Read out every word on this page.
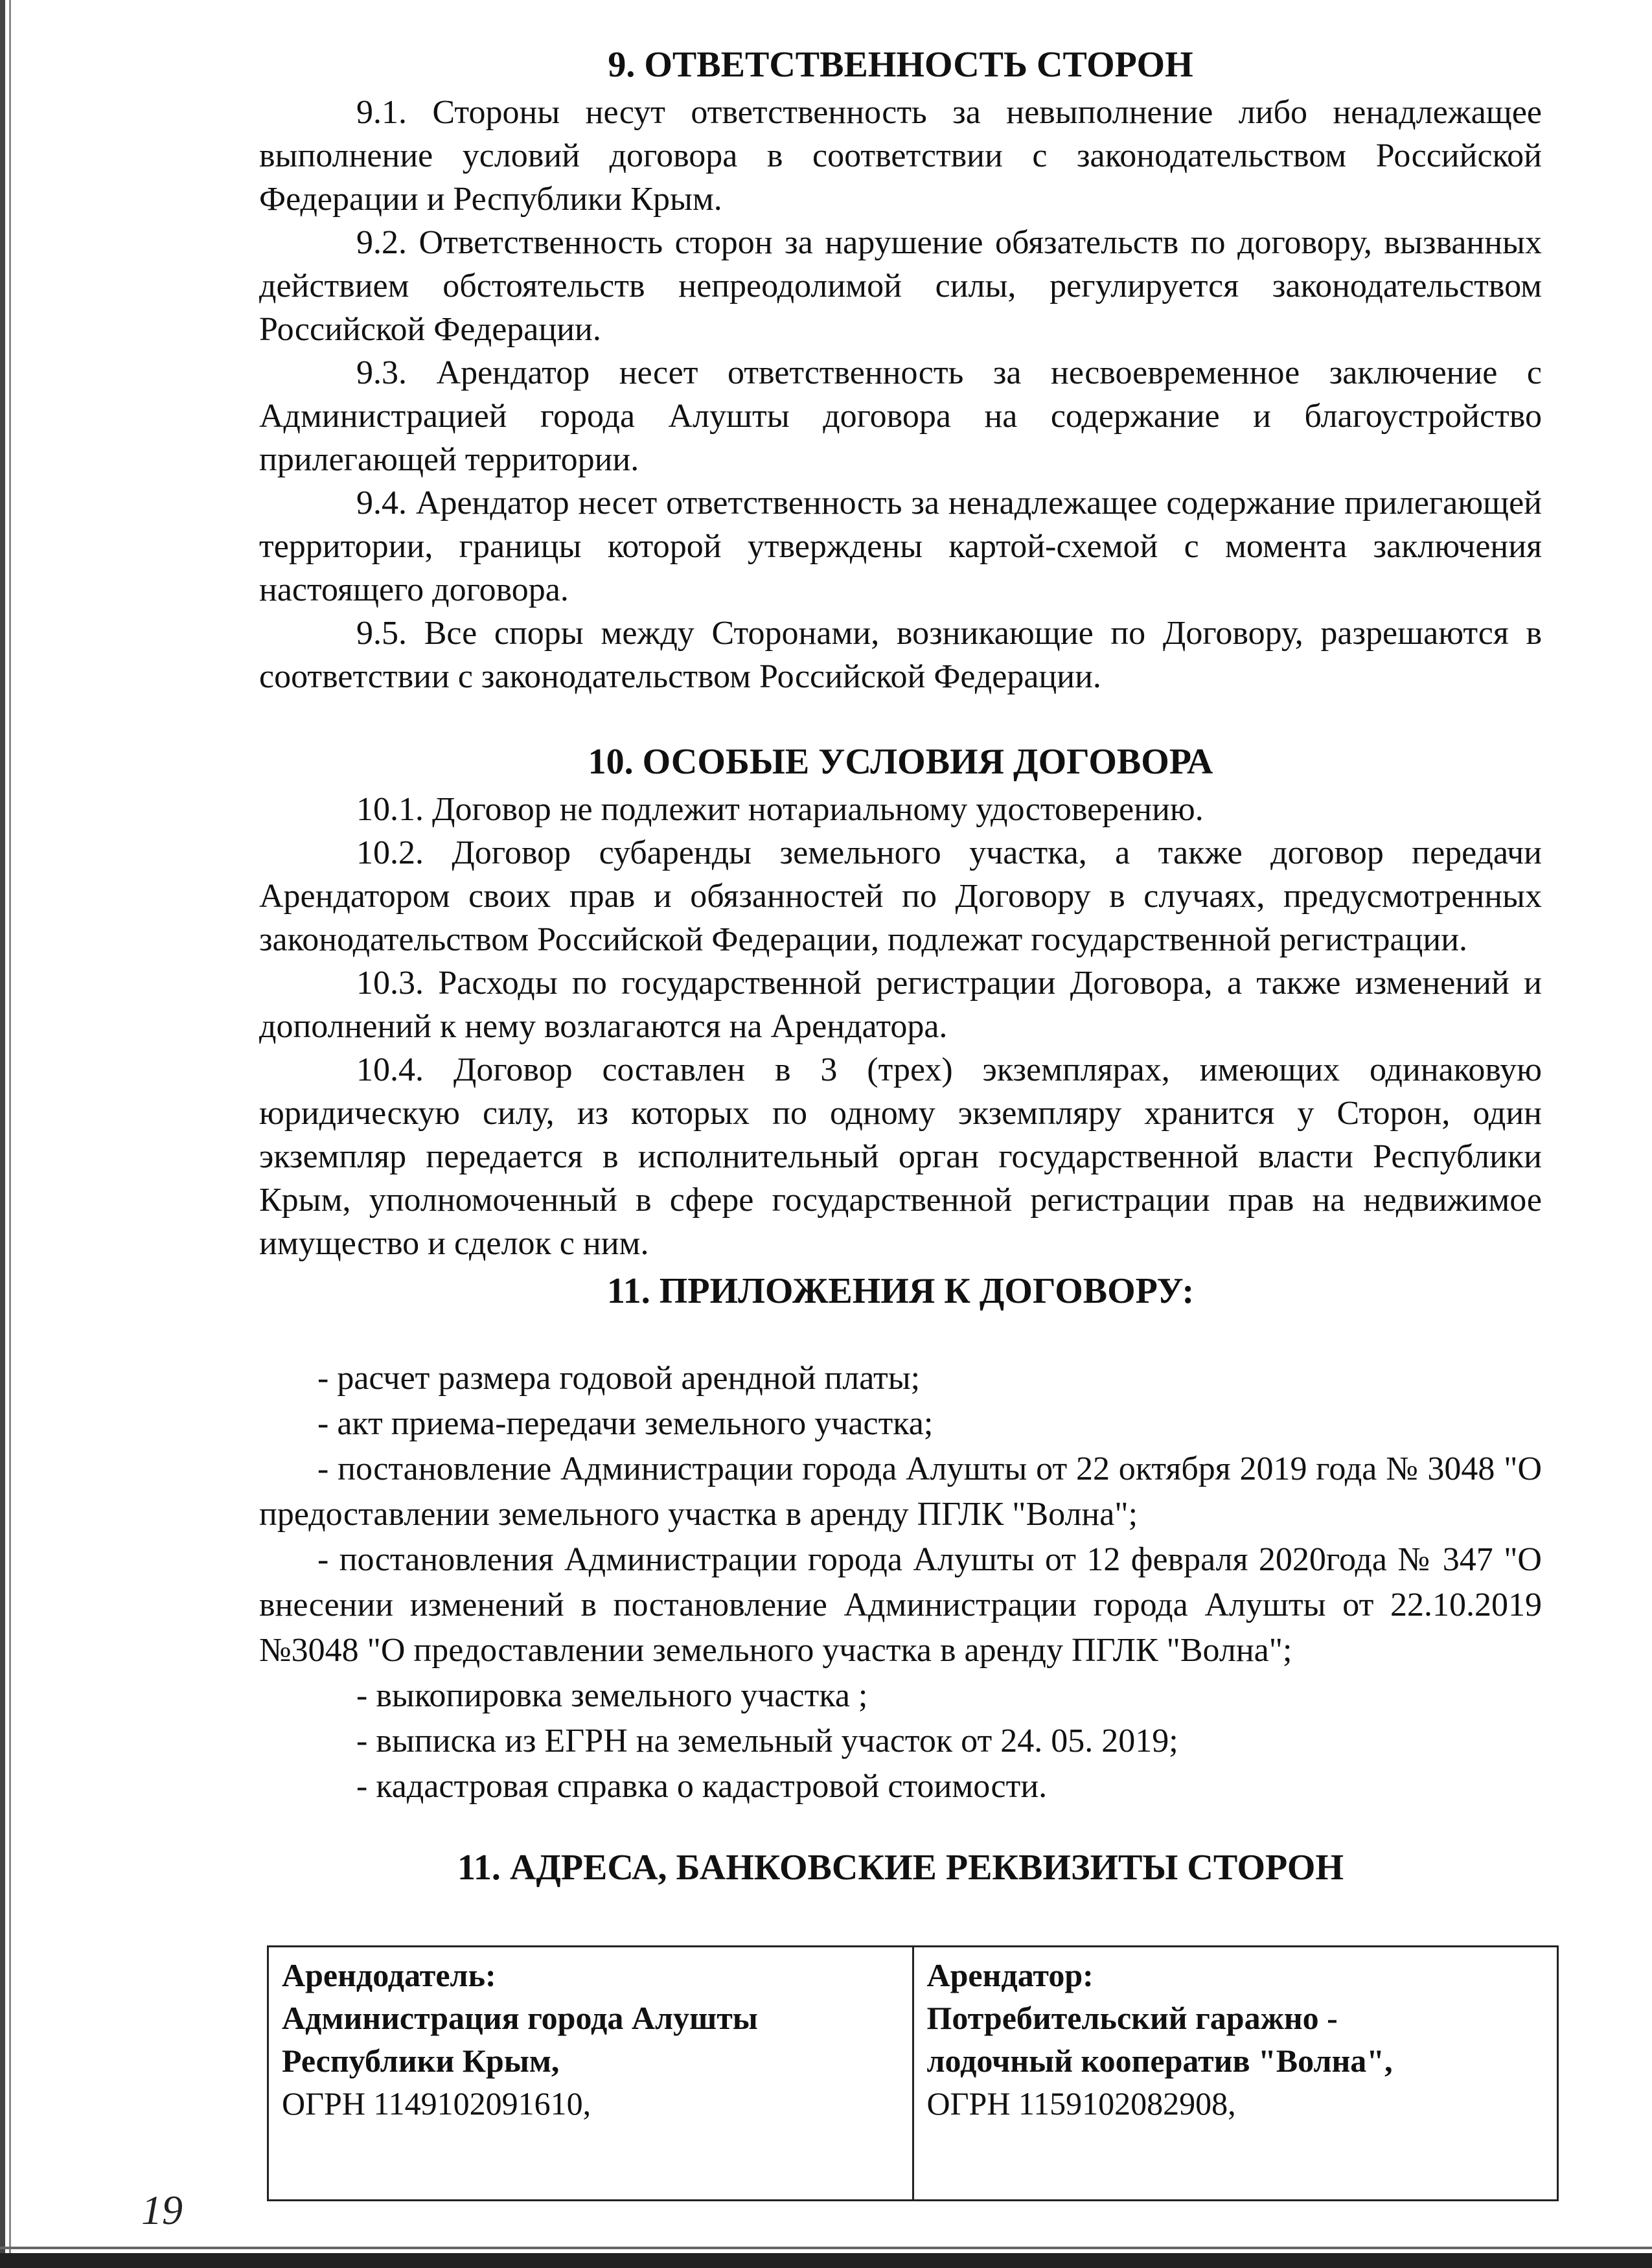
9. ОТВЕТСТВЕННОСТЬ СТОРОН

9.1. Стороны несут ответственность за невыполнение либо ненадлежащее выполнение условий договора в соответствии с законодательством Российской Федерации и Республики Крым.

9.2. Ответственность сторон за нарушение обязательств по договору, вызванных действием обстоятельств непреодолимой силы, регулируется законодательством Российской Федерации.

9.3. Арендатор несет ответственность за несвоевременное заключение с Администрацией города Алушты договора на содержание и благоустройство прилегающей территории.

9.4. Арендатор несет ответственность за ненадлежащее содержание прилегающей территории, границы которой утверждены картой-схемой с момента заключения настоящего договора.

9.5. Все споры между Сторонами, возникающие по Договору, разрешаются в соответствии с законодательством Российской Федерации.

10. ОСОБЫЕ УСЛОВИЯ ДОГОВОРА

10.1. Договор не подлежит нотариальному удостоверению.

10.2. Договор субаренды земельного участка, а также договор передачи Арендатором своих прав и обязанностей по Договору в случаях, предусмотренных законодательством Российской Федерации, подлежат государственной регистрации.

10.3. Расходы по государственной регистрации Договора, а также изменений и дополнений к нему возлагаются на Арендатора.

10.4. Договор составлен в 3 (трех) экземплярах, имеющих одинаковую юридическую силу, из которых по одному экземпляру хранится у Сторон, один экземпляр передается в исполнительный орган государственной власти Республики Крым, уполномоченный в сфере государственной регистрации прав на недвижимое имущество и сделок с ним.

11. ПРИЛОЖЕНИЯ К ДОГОВОРУ:
- расчет размера годовой арендной платы;
- акт приема-передачи земельного участка;
- постановление Администрации города Алушты от 22 октября 2019 года № 3048 "О предоставлении земельного участка в аренду ПГЛК "Волна";
- постановления Администрации города Алушты от 12 февраля 2020года № 347 "О внесении изменений в постановление Администрации города Алушты от 22.10.2019 №3048 "О предоставлении земельного участка в аренду ПГЛК "Волна";
- выкопировка земельного участка ;
- выписка из ЕГРН на земельный участок от 24. 05. 2019;
- кадастровая справка о кадастровой стоимости.
11. АДРЕСА, БАНКОВСКИЕ РЕКВИЗИТЫ СТОРОН
Арендодатель:
Администрация города Алушты
Республики Крым,
ОГРН 1149102091610,

Арендатор:
Потребительский гаражно -
лодочный кооператив "Волна",
ОГРН 1159102082908,
19
